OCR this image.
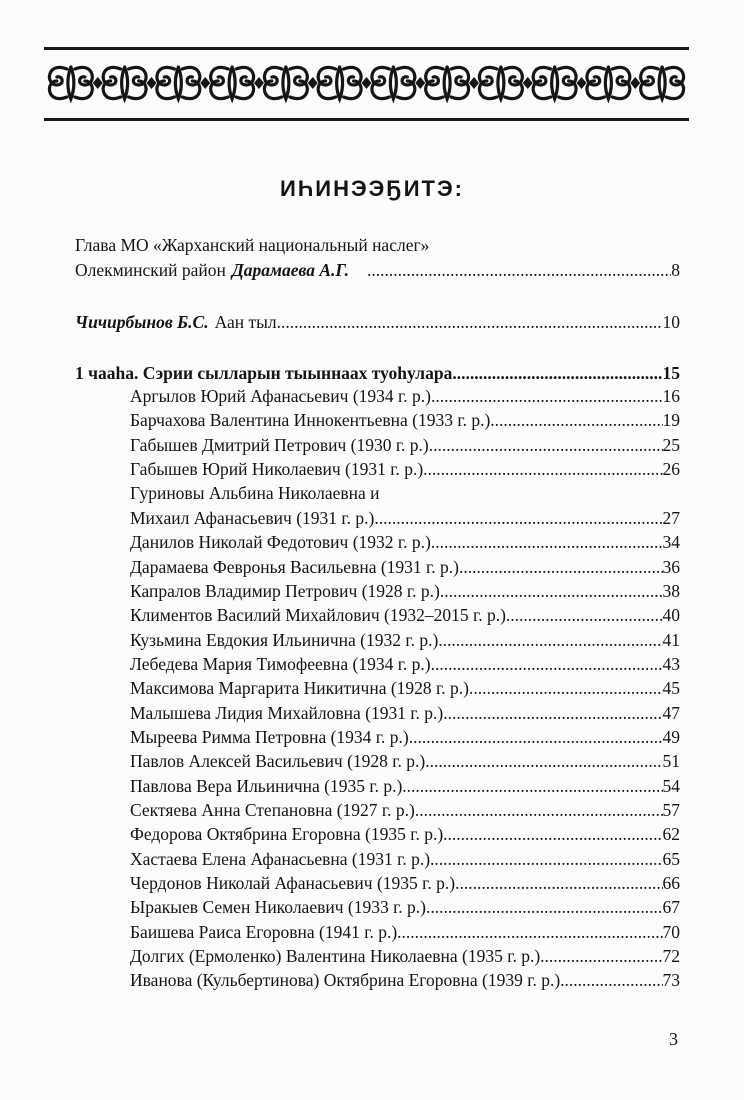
ИҺИНЭЭҔИТЭ:
Глава МО «Жарханский национальный наслег»
Олекминский район Дарамаева А.Г. .....	8
Чичирбынов Б.С. Аан тыл .....	10
1 чааһа. Сэрии сылларын тыыннаах туоһулара .....	15
Аргылов Юрий Афанасьевич (1934 г. р.) .....	16
Барчахова Валентина Иннокентьевна (1933 г. р.) .....	19
Габышев Дмитрий Петрович (1930 г. р.) .....	25
Габышев Юрий Николаевич (1931 г. р.) .....	26
Гуриновы Альбина Николаевна и
Михаил Афанасьевич (1931 г. р.) .....	27
Данилов Николай Федотович (1932 г. р.) .....	34
Дарамаева Февронья Васильевна (1931 г. р.) .....	36
Капралов Владимир Петрович (1928 г. р.) .....	38
Климентов Василий Михайлович (1932–2015 г. р.) .....	40
Кузьмина Евдокия Ильинична (1932 г. р.) .....	41
Лебедева Мария Тимофеевна (1934 г. р.) .....	43
Максимова Маргарита Никитична (1928 г. р.) .....	45
Малышева Лидия Михайловна (1931 г. р.) .....	47
Мыреева Римма Петровна (1934 г. р.) .....	49
Павлов Алексей Васильевич (1928 г. р.) .....	51
Павлова Вера Ильинична (1935 г. р.) .....	54
Сектяева Анна Степановна (1927 г. р.) .....	57
Федорова Октябрина Егоровна (1935 г. р.) .....	62
Хастаева Елена Афанасьевна (1931 г. р.) .....	65
Чердонов Николай Афанасьевич (1935 г. р.) .....	66
Ыракыев Семен Николаевич (1933 г. р.) .....	67
Баишева Раиса Егоровна (1941 г. р.) .....	70
Долгих (Ермоленко) Валентина Николаевна (1935 г. р.) .....	72
Иванова (Кульбертинова) Октябрина Егоровна (1939 г. р.) .....	73
3
